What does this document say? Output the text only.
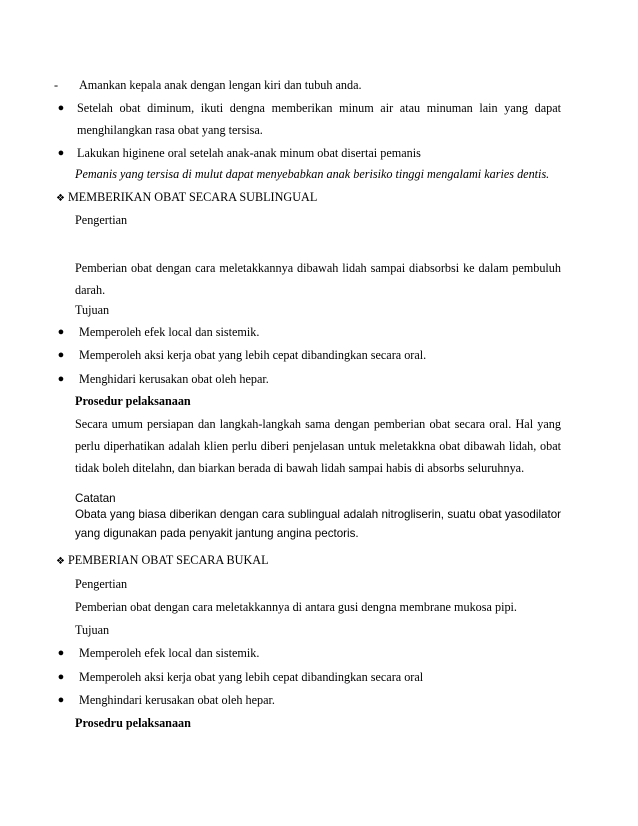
- Amankan kepala anak dengan lengan kiri dan tubuh anda.
● Setelah obat diminum, ikuti dengna memberikan minum air atau minuman lain yang dapat menghilangkan rasa obat yang tersisa.
● Lakukan higinene oral setelah anak-anak minum obat disertai pemanis
Pemanis yang tersisa di mulut dapat menyebabkan anak berisiko tinggi mengalami karies dentis.
❖ MEMBERIKAN OBAT SECARA SUBLINGUAL
Pengertian
Pemberian obat dengan cara meletakkannya dibawah lidah sampai diabsorbsi ke dalam pembuluh darah.
Tujuan
● Memperoleh efek local dan sistemik.
● Memperoleh aksi kerja obat yang lebih cepat dibandingkan secara oral.
● Menghidari kerusakan obat oleh hepar.
Prosedur pelaksanaan
Secara umum persiapan dan langkah-langkah sama dengan pemberian obat secara oral. Hal yang perlu diperhatikan adalah klien perlu diberi penjelasan untuk meletakkna obat dibawah lidah, obat tidak boleh ditelahn, dan biarkan berada di bawah lidah sampai habis di absorbs seluruhnya.
Catatan
Obata yang biasa diberikan dengan cara sublingual adalah nitrogliserin, suatu obat yasodilator yang digunakan pada penyakit jantung angina pectoris.
❖ PEMBERIAN OBAT SECARA BUKAL
Pengertian
Pemberian obat dengan cara meletakkannya di antara gusi dengna membrane mukosa pipi.
Tujuan
● Memperoleh efek local dan sistemik.
● Memperoleh aksi kerja obat yang lebih cepat dibandingkan secara oral
● Menghindari kerusakan obat oleh hepar.
Prosedru pelaksanaan
